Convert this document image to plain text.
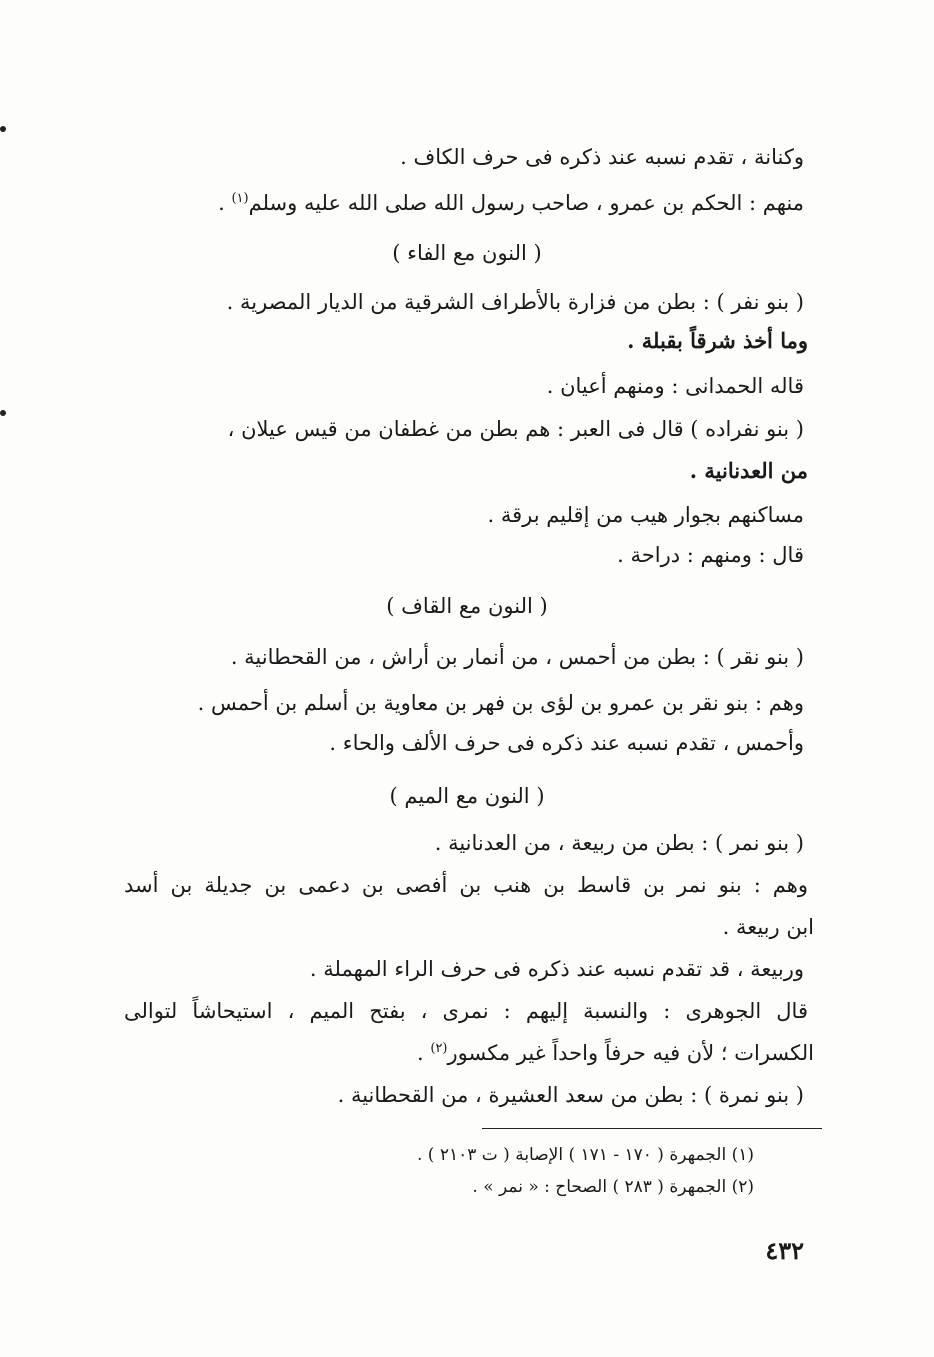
وكنانة ، تقدم نسبه عند ذكره فى حرف الكاف .
منهم : الحكم بن عمرو ، صاحب رسول الله صلى الله عليه وسلم$^{(١)}$ .
( النون مع الفاء )
( بنو نفر ) : بطن من فزارة بالأطراف الشرقية من الديار المصرية .
وما أخذ شرقاً بقبلة .
قاله الحمدانى : ومنهم أعيان .
( بنو نفراده ) قال فى العبر : هم بطن من غطفان من قيس عيلان ،
من العدنانية .
مساكنهم بجوار هيب من إقليم برقة .
قال : ومنهم : دراحة .
( النون مع القاف )
( بنو نقر ) : بطن من أحمس ، من أنمار بن أراش ، من القحطانية .
وهم : بنو نقر بن عمرو بن لؤى بن فهر بن معاوية بن أسلم بن أحمس .
وأحمس ، تقدم نسبه عند ذكره فى حرف الألف والحاء .
( النون مع الميم )
( بنو نمر ) : بطن من ربيعة ، من العدنانية .
وهم : بنو نمر بن قاسط بن هنب بن أفصى بن دعمى بن جديلة بن أسد
ابن ربيعة .
وربيعة ، قد تقدم نسبه عند ذكره فى حرف الراء المهملة .
قال الجوهرى : والنسبة إليهم : نمرى ، بفتح الميم ، استيحاشاً لتوالى
الكسرات ؛ لأن فيه حرفاً واحداً غير مكسور$^{(٢)}$ .
( بنو نمرة ) : بطن من سعد العشيرة ، من القحطانية .
(١) الجمهرة ( ١٧٠ - ١٧١ ) الإصابة ( ت ٢١٠٣ ) .
(٢) الجمهرة ( ٢٨٣ ) الصحاح : « نمر » .
٤٣٢
